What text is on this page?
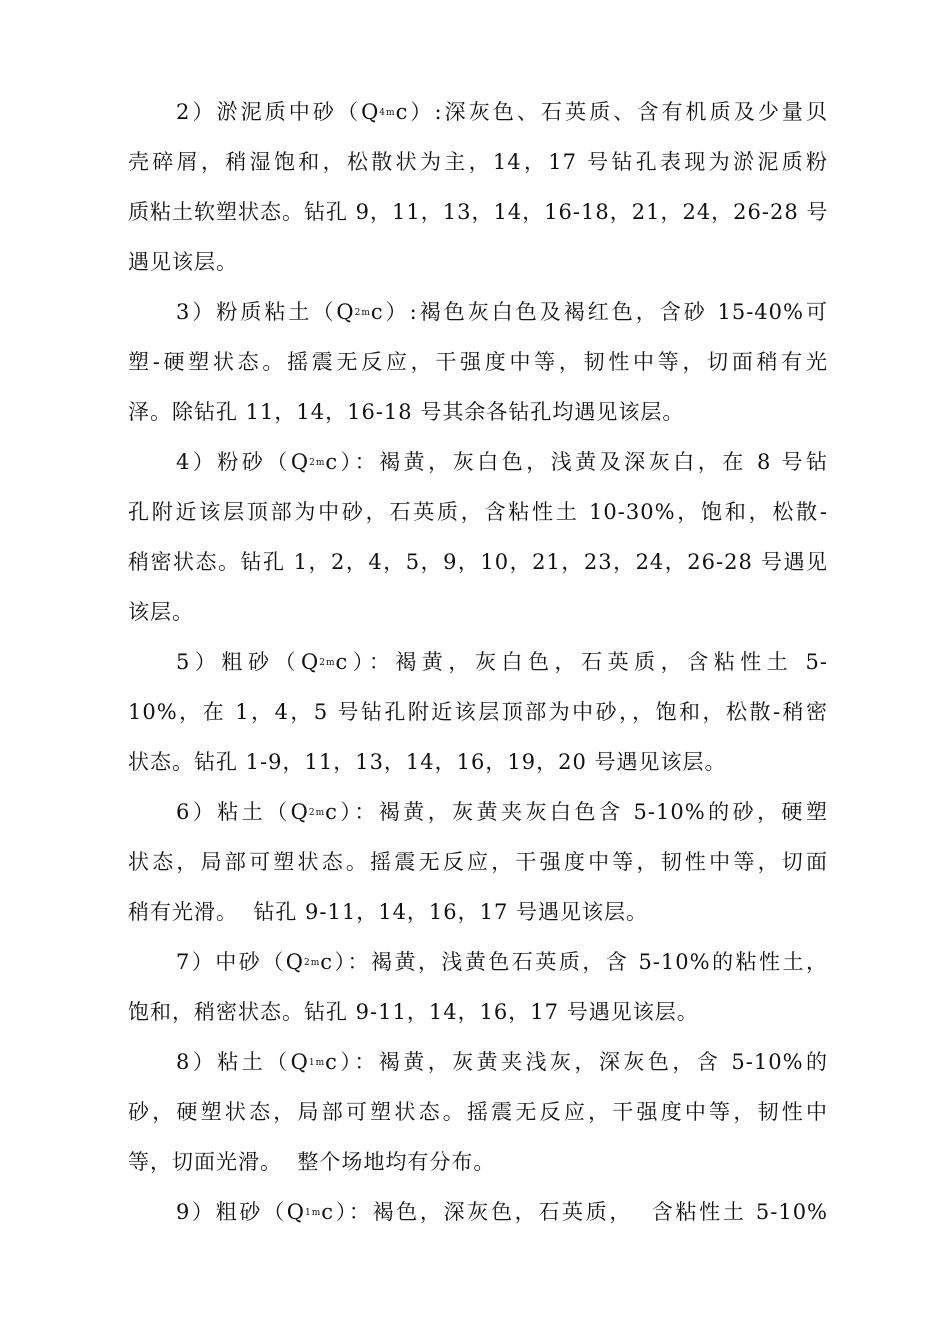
2）淤泥质中砂$(Q^{4m}c)$:深灰色、石英质、含有机质及少量贝
壳碎屑，稍湿饱和，松散状为主，14，17 号钻孔表现为淤泥质粉
质粘土软塑状态。钻孔 9，11，13，14，16-18，21，24，26-28 号
遇见该层。
3）粉质粘土$(Q^{2m}c)$:褐色灰白色及褐红色，含砂 15-40%可
塑-硬塑状态。摇震无反应，干强度中等，韧性中等，切面稍有光
泽。除钻孔 11，14，16-18 号其余各钻孔均遇见该层。
4）粉砂$(Q^{2m}c)$：褐黄，灰白色，浅黄及深灰白，在 8 号钻
孔附近该层顶部为中砂，石英质，含粘性土 10-30%，饱和，松散-
稍密状态。钻孔 1，2，4，5，9，10，21，23，24，26-28 号遇见
该层。
5）粗砂$(Q^{2m}c)$：褐黄，灰白色，石英质，含粘性土 5-
10%，在 1，4，5 号钻孔附近该层顶部为中砂，，饱和，松散-稍密
状态。钻孔 1-9，11，13，14，16，19，20 号遇见该层。
6）粘土$(Q^{2m}c)$：褐黄，灰黄夹灰白色含 5-10%的砂，硬塑
状态，局部可塑状态。摇震无反应，干强度中等，韧性中等，切面
稍有光滑。  钻孔 9-11，14，16，17 号遇见该层。
7）中砂$(Q^{2m}c)$：褐黄，浅黄色石英质，含 5-10%的粘性土，
饱和，稍密状态。钻孔 9-11，14，16，17 号遇见该层。
8）粘土$(Q^{1m}c)$：褐黄，灰黄夹浅灰，深灰色，含 5-10%的
砂，硬塑状态，局部可塑状态。摇震无反应，干强度中等，韧性中
等，切面光滑。  整个场地均有分布。
9）粗砂$(Q^{1m}c)$：褐色，深灰色，石英质，  含粘性土 5-10%
